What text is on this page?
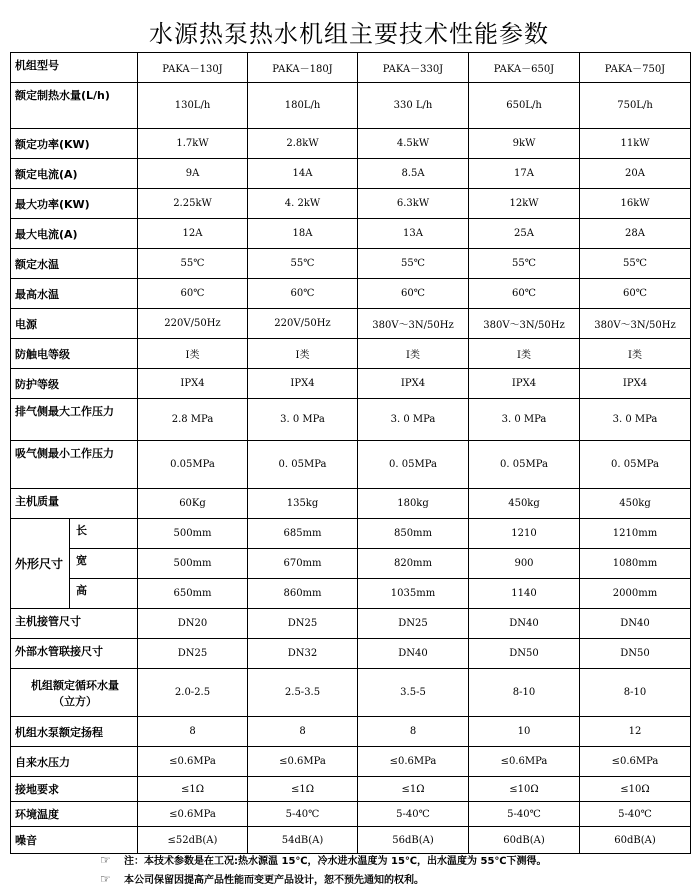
水源热泵热水机组主要技术性能参数
机组型号		PAKA－130J	PAKA－180J	PAKA－330J	PAKA－650J	PAKA－750J
额定制热水量(L/h)		130L/h	180L/h	330 L/h	650L/h	750L/h
额定功率(KW)		1.7kW	2.8kW	4.5kW	9kW	11kW
额定电流(A)		9A	14A	8.5A	17A	20A
最大功率(KW)		2.25kW	4. 2kW	6.3kW	12kW	16kW
最大电流(A)		12A	18A	13A	25A	28A
额定水温		55℃	55℃	55℃	55℃	55℃
最高水温		60℃	60℃	60℃	60℃	60℃
电源		220V/50Hz	220V/50Hz	380V～3N/50Hz	380V～3N/50Hz	380V～3N/50Hz
防触电等级		I类	I类	I类	I类	I类
防护等级		IPX4	IPX4	IPX4	IPX4	IPX4
排气侧最大工作压力		2.8 MPa	3. 0 MPa	3. 0 MPa	3. 0 MPa	3. 0 MPa
吸气侧最小工作压力		0.05MPa	0. 05MPa	0. 05MPa	0. 05MPa	0. 05MPa
主机质量		60Kg	135kg	180kg	450kg	450kg
外形尺寸	长	500mm	685mm	850mm	1210	1210mm
	宽	500mm	670mm	820mm	900	1080mm
	高	650mm	860mm	1035mm	1140	2000mm
主机接管尺寸		DN20	DN25	DN25	DN40	DN40
外部水管联接尺寸		DN25	DN32	DN40	DN50	DN50

机组额定循环水量
（立方）		2.0-2.5	2.5-3.5	3.5-5	8-10	8-10
机组水泵额定扬程		8	8	8	10	12
自来水压力		≤0.6MPa	≤0.6MPa	≤0.6MPa	≤0.6MPa	≤0.6MPa
接地要求		≤1Ω	≤1Ω	≤1Ω	≤10Ω	≤10Ω
环境温度		≤0.6MPa	5-40℃	5-40℃	5-40℃	5-40℃
噪音		≤52dB(A)	54dB(A)	56dB(A)	60dB(A)	60dB(A)
☞	注：本技术参数是在工况:热水源温 15℃，冷水进水温度为 15℃，出水温度为 55℃下测得。
☞	本公司保留因提高产品性能而变更产品设计，恕不预先通知的权利。
